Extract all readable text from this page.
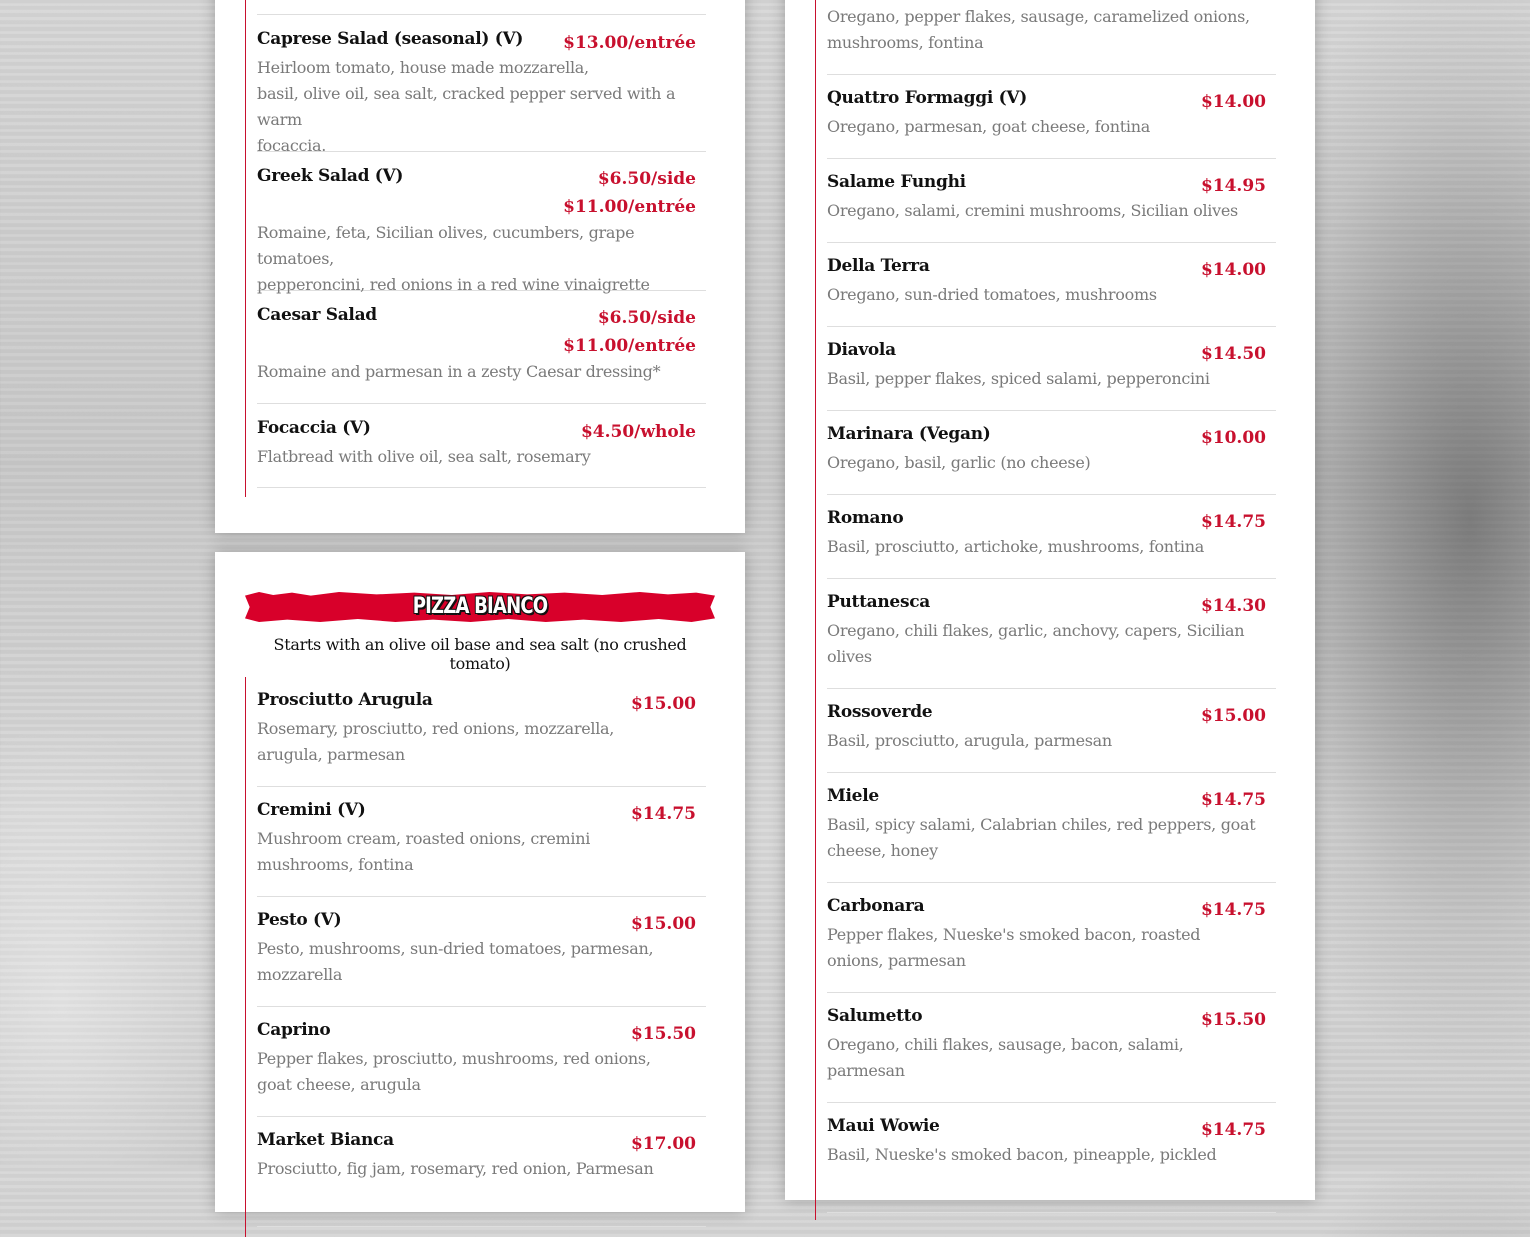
Caprese Salad (seasonal) (V) $13.00/entrée
Heirloom tomato, house made mozzarella,
basil, olive oil, sea salt, cracked pepper served with a warm
focaccia.
Greek Salad (V)	$6.50/side
$11.00/entrée
Romaine, feta, Sicilian olives, cucumbers, grape tomatoes,
pepperoncini, red onions in a red wine vinaigrette
Caesar Salad	$6.50/side
$11.00/entrée
Romaine and parmesan in a zesty Caesar dressing*
Focaccia (V)	$4.50/whole
Flatbread with olive oil, sea salt, rosemary
PIZZA BIANCO
Starts with an olive oil base and sea salt (no crushed tomato)
Prosciutto Arugula	$15.00
Rosemary, prosciutto, red onions, mozzarella,
arugula, parmesan
Cremini (V)	$14.75
Mushroom cream, roasted onions, cremini
mushrooms, fontina
Pesto (V)	$15.00
Pesto, mushrooms, sun-dried tomatoes, parmesan,
mozzarella
Caprino	$15.50
Pepper flakes, prosciutto, mushrooms, red onions,
goat cheese, arugula
Market Bianca	$17.00
Prosciutto, fig jam, rosemary, red onion, Parmesan
Oregano, pepper flakes, sausage, caramelized onions,
mushrooms, fontina
Quattro Formaggi (V)	$14.00
Oregano, parmesan, goat cheese, fontina
Salame Funghi	$14.95
Oregano, salami, cremini mushrooms, Sicilian olives
Della Terra	$14.00
Oregano, sun-dried tomatoes, mushrooms
Diavola	$14.50
Basil, pepper flakes, spiced salami, pepperoncini
Marinara (Vegan)	$10.00
Oregano, basil, garlic (no cheese)
Romano	$14.75
Basil, prosciutto, artichoke, mushrooms, fontina
Puttanesca	$14.30
Oregano, chili flakes, garlic, anchovy, capers, Sicilian
olives
Rossoverde	$15.00
Basil, prosciutto, arugula, parmesan
Miele	$14.75
Basil, spicy salami, Calabrian chiles, red peppers, goat
cheese, honey
Carbonara	$14.75
Pepper flakes, Nueske's smoked bacon, roasted
onions, parmesan
Salumetto	$15.50
Oregano, chili flakes, sausage, bacon, salami,
parmesan
Maui Wowie	$14.75
Basil, Nueske's smoked bacon, pineapple, pickled
